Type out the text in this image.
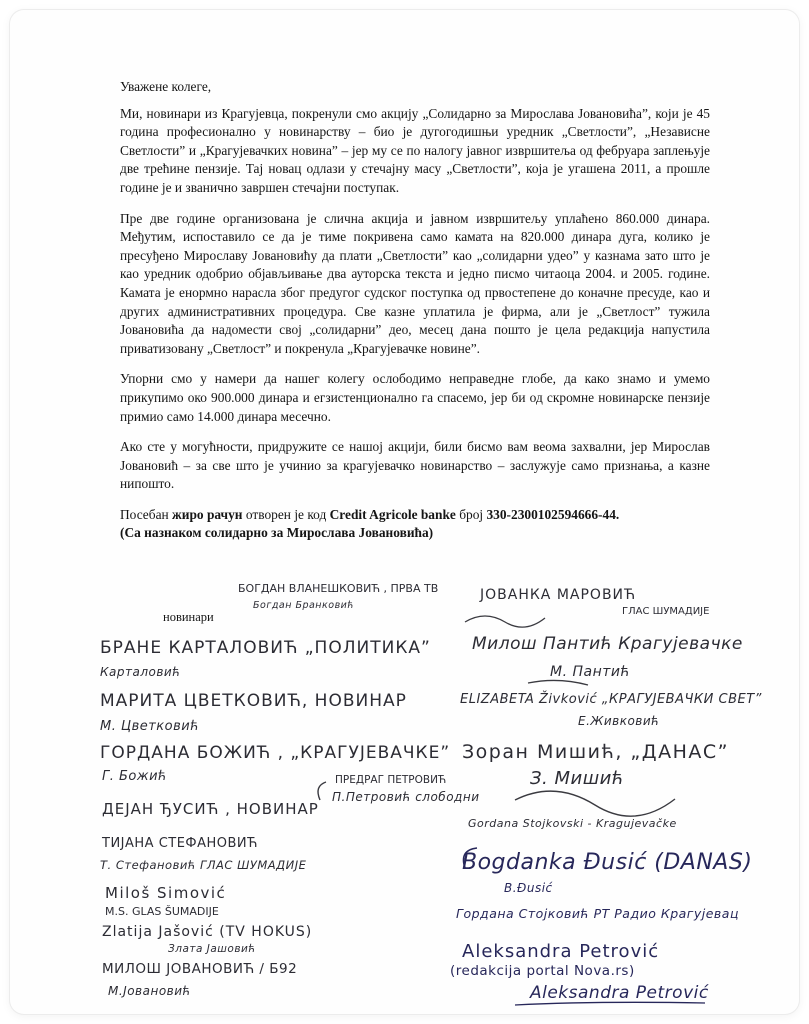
Уважене колеге,

Ми, новинари из Крагујевца, покренули смо акцију „Солидарно за Мирослава Јовановића”, који је 45 година професионално у новинарству – био је дугогодишњи уредник „Светлости”, „Независне Светлости” и „Крагујевачких новина” – јер му се по налогу јавног извршитеља од фебруара заплењује две трећине пензије. Тај новац одлази у стечајну масу „Светлости”, која је угашена 2011, а прошле године је и званично завршен стечајни поступак.

Пре две године организована је слична акција и јавном извршитељу уплаћено 860.000 динара. Међутим, испоставило се да је тиме покривена само камата на 820.000 динара дуга, колико је пресуђено Мирославу Јовановићу да плати „Светлости” као „солидарни удео” у казнама зато што је као уредник одобрио објављивање два ауторска текста и једно писмо читаоца 2004. и 2005. године. Камата је енормно нарасла због предугог судског поступка од првостепене до коначне пресуде, као и других административних процедура. Све казне уплатила је фирма, али је „Светлост” тужила Јовановића да надомести свој „солидарни” део, месец дана пошто је цела редакција напустила приватизовану „Светлост” и покренула „Крагујевачке новине”.

Упорни смо у намери да нашег колегу ослободимо неправедне глобе, да како знамо и умемо прикупимо око 900.000 динара и егзистенционално га спасемо, јер би од скромне новинарске пензије примио само 14.000 динара месечно.

Ако сте у могућности, придружите се нашој акцији, били бисмо вам веома захвални, јер Мирослав Јовановић – за све што је учинио за крагујевачко новинарство – заслужује само признања, а казне нипошто.

Посебан жиро рачун отворен је код Credit Agricole banke број 330-2300102594666-44.
(Са назнаком солидарно за Мирослава Јовановића)

новинари
БОГДАН ВЛАНЕШКОВИЋ , ПРВА ТВ
Богдан Бранковић
БРАНЕ КАРТАЛОВИЋ „ПОЛИТИКА”
Карталовић
МАРИТА ЦВЕТКОВИЋ, НОВИНАР
М. Цветковић
ГОРДАНА БОЖИЋ , „КРАГУЈЕВАЧКЕ”
Г. Божић	ПРЕДРАГ ПЕТРОВИЋ
П.Петровић слободни
ДЕЈАН ЂУСИЋ , НОВИНАР
ТИЈАНА СТЕФАНОВИЋ
Т. Стефановић ГЛАС ШУМАДИЈЕ
Miloš Simović
M.S. GLAS ŠUMADIJE
Zlatija Jašović (TV HOKUS)
Злата Јашовић
МИЛОШ ЈОВАНОВИЋ / Б92
М.Јовановић
ЈОВАНКА МАРОВИЋ
ГЛАС ШУМАДИЈЕ
Милош Пантић Крагујевачке
М. Пантић
ELIZABETA Živković „КРАГУЈЕВАЧКИ СВЕТ”
Е.Живковић
Зоран Мишић, „ДАНАС”
З. Мишић
Gordana Stojkovski - Kragujevačke
Bogdanka Đusić (DANAS)
B.Đusić
Гордана Стојковић РТ Радио Крагујевац
Aleksandra Petrović
(redakcija portal Nova.rs)
Aleksandra Petrović
